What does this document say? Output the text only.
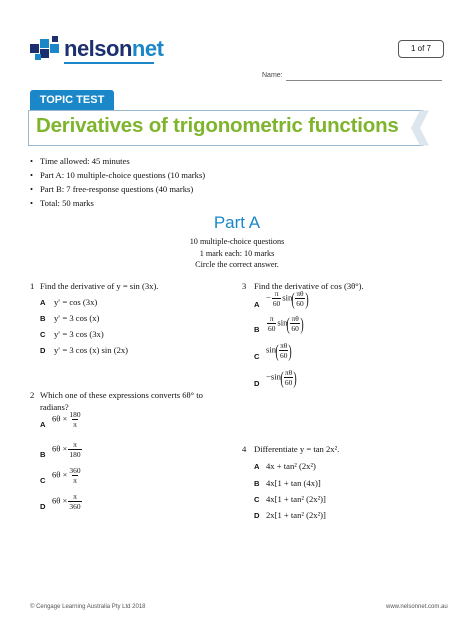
nelsonnet	1 of 7
Name:
TOPIC TEST
Derivatives of trigonometric functions
• Time allowed: 45 minutes
• Part A: 10 multiple-choice questions (10 marks)
• Part B: 7 free-response questions (40 marks)
• Total: 50 marks
Part A
10 multiple-choice questions
1 mark each: 10 marks
Circle the correct answer.
1 Find the derivative of y = sin (3x).
A y′ = cos (3x)
B y′ = 3 cos (x)
C y′ = 3 cos (3x)
D y′ = 3 cos (x) sin (2x)
2 Which one of these expressions converts 6θ° to
radians?
A
$6\theta \times \frac{180}{\pi}$
B
$6\theta \times \frac{\pi}{180}$
C
$6\theta \times \frac{360}{\pi}$
D
$6\theta \times \frac{\pi}{360}$
3 Find the derivative of cos (3θ°).
A
− $\frac{\pi}{60} \sin( \frac{\pi\theta}{60}$ )
B $\frac{\pi}{60} \sin( \frac{\pi\theta}{60}$ )
C
$\sin( \frac{\pi\theta}{60}$ )
D
$-\sin( \frac{\pi\theta}{60}$ )
4 Differentiate y = tan 2x².
A 4x + tan² (2x²)
B 4x[1 + tan (4x)]
C 4x[1 + tan² (2x²)]
D 2x[1 + tan² (2x²)]
© Cengage Learning Australia Pty Ltd 2018	www.nelsonnet.com.au
